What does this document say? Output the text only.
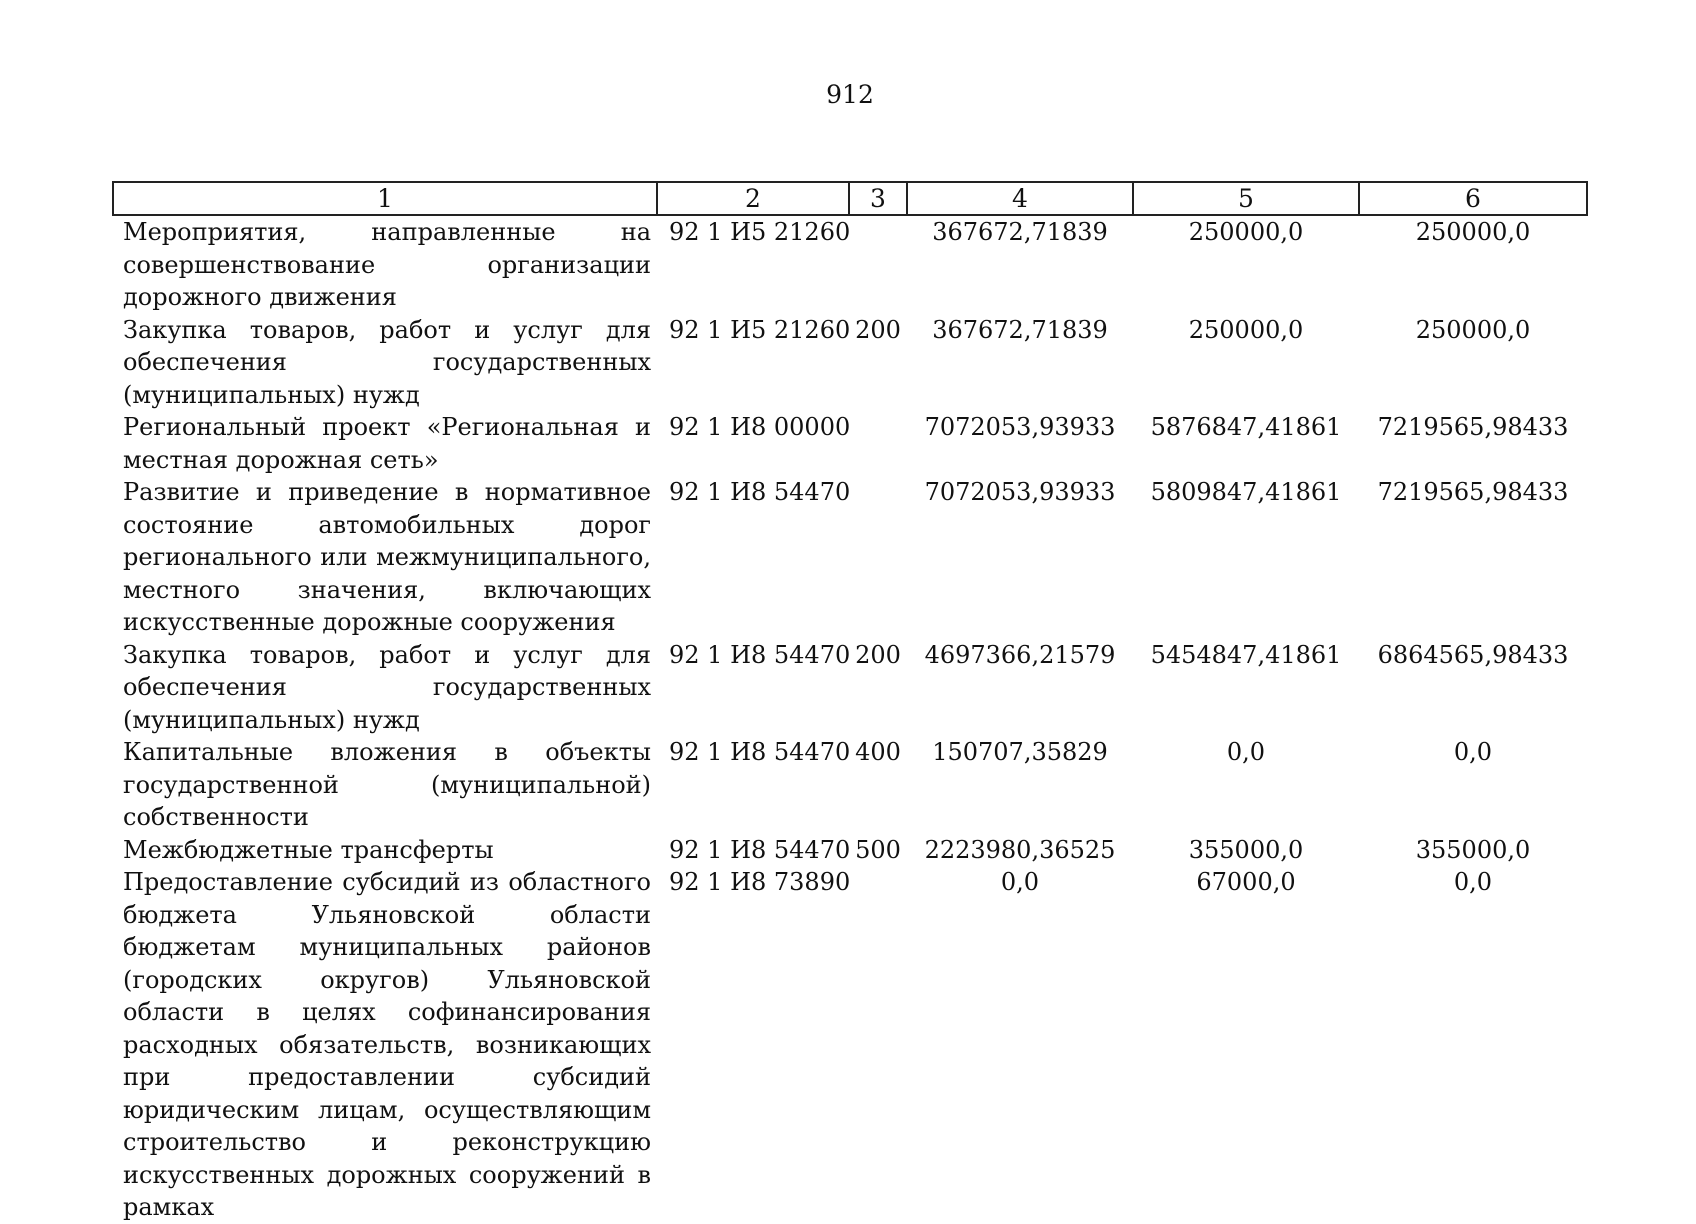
912
1	2	3	4	5	6
Мероприятия, направленные на совершенствование организации дорожного движения	92 1 И5 21260		367672,71839	250000,0	250000,0
Закупка товаров, работ и услуг для обеспечения государственных (муниципальных) нужд	92 1 И5 21260	200	367672,71839	250000,0	250000,0
Региональный проект «Региональная и местная дорожная сеть»	92 1 И8 00000		7072053,93933	5876847,41861	7219565,98433
Развитие и приведение в нормативное состояние автомобильных дорог регионального или межмуниципального, местного значения, включающих искусственные дорожные сооружения	92 1 И8 54470		7072053,93933	5809847,41861	7219565,98433
Закупка товаров, работ и услуг для обеспечения государственных (муниципальных) нужд	92 1 И8 54470	200	4697366,21579	5454847,41861	6864565,98433
Капитальные вложения в объекты государственной (муниципальной) собственности	92 1 И8 54470	400	150707,35829	0,0	0,0
Межбюджетные трансферты	92 1 И8 54470	500	2223980,36525	355000,0	355000,0
Предоставление субсидий из областного бюджета Ульяновской области бюджетам муниципальных районов (городских округов) Ульяновской области в целях софинансирования расходных обязательств, возникающих при предоставлении субсидий юридическим лицам, осуществляющим строительство и реконструкцию искусственных дорожных сооружений в рамках	92 1 И8 73890		0,0	67000,0	0,0
